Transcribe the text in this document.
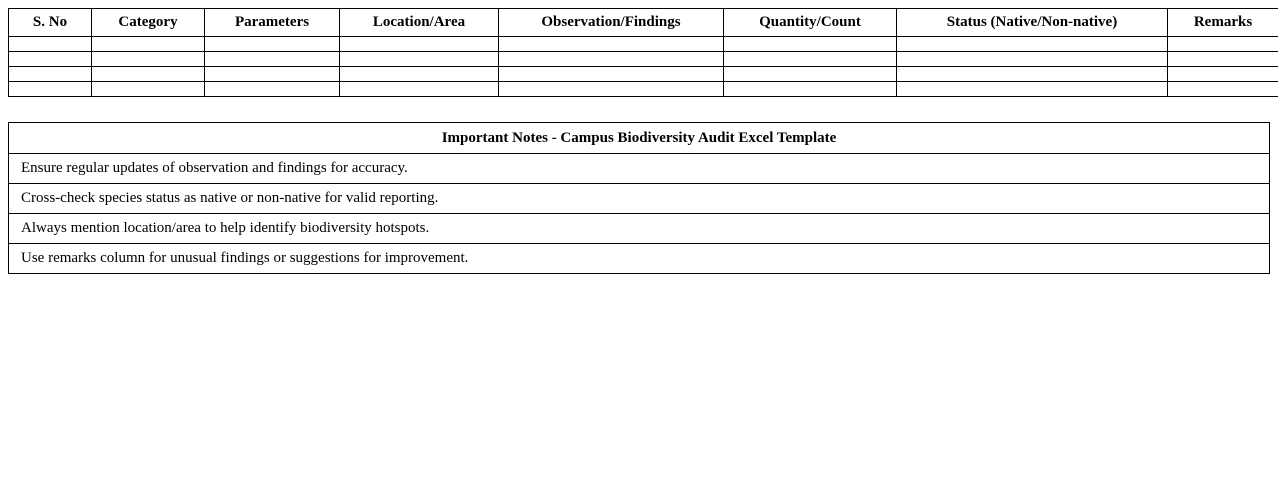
S. No	Category	Parameters	Location/Area	Observation/Findings	Quantity/Count	Status (Native/Non-native)	Remarks

Important Notes - Campus Biodiversity Audit Excel Template
Ensure regular updates of observation and findings for accuracy.
Cross-check species status as native or non-native for valid reporting.
Always mention location/area to help identify biodiversity hotspots.
Use remarks column for unusual findings or suggestions for improvement.
